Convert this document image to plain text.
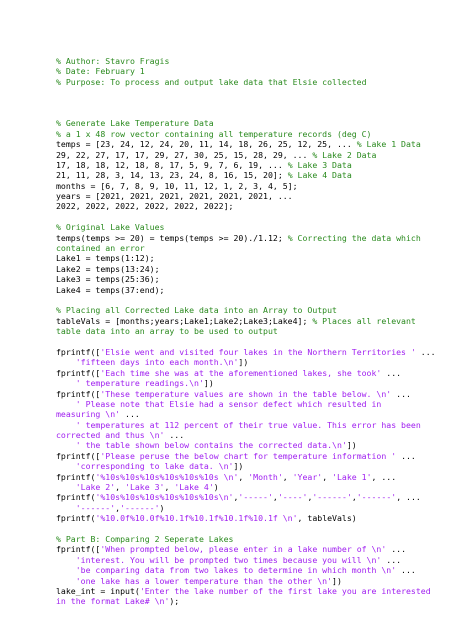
% Author: Stavro Fragis
% Date: February 1
% Purpose: To process and output lake data that Elsie collected
% Generate Lake Temperature Data
% a 1 x 48 row vector containing all temperature records (deg C)
temps = [23, 24, 12, 24, 20, 11, 14, 18, 26, 25, 12, 25, ... % Lake 1 Data
29, 22, 27, 17, 17, 29, 27, 30, 25, 15, 28, 29, ... % Lake 2 Data
17, 18, 18, 12, 18, 8, 17, 5, 9, 7, 6, 19, ... % Lake 3 Data
21, 11, 28, 3, 14, 13, 23, 24, 8, 16, 15, 20]; % Lake 4 Data
months = [6, 7, 8, 9, 10, 11, 12, 1, 2, 3, 4, 5];
years = [2021, 2021, 2021, 2021, 2021, 2021, ...
2022, 2022, 2022, 2022, 2022, 2022];
% Original Lake Values
temps(temps >= 20) = temps(temps >= 20)./1.12; % Correcting the data which
contained an error
Lake1 = temps(1:12);
Lake2 = temps(13:24);
Lake3 = temps(25:36);
Lake4 = temps(37:end);
% Placing all Corrected Lake data into an Array to Output
tableVals = [months;years;Lake1;Lake2;Lake3;Lake4]; % Places all relevant
table data into an array to be used to output
fprintf(['Elsie went and visited four lakes in the Northern Territories ' ...
'fifteen days into each month.\n'])
fprintf(['Each time she was at the aforementioned lakes, she took' ...
' temperature readings.\n'])
fprintf(['These temperature values are shown in the table below. \n' ...
' Please note that Elsie had a sensor defect which resulted in
measuring \n' ...
' temperatures at 112 percent of their true value. This error has been
corrected and thus \n' ...
' the table shown below contains the corrected data.\n'])
fprintf(['Please peruse the below chart for temperature information ' ...
'corresponding to lake data. \n'])
fprintf('%10s%10s%10s%10s%10s%10s \n', 'Month', 'Year', 'Lake 1', ...
'Lake 2', 'Lake 3', 'Lake 4')
fprintf('%10s%10s%10s%10s%10s%10s\n','-----','----','------','------', ...
'------','------')
fprintf('%10.0f%10.0f%10.1f%10.1f%10.1f%10.1f \n', tableVals)
% Part B: Comparing 2 Seperate Lakes
fprintf(['When prompted below, please enter in a lake number of \n' ...
'interest. You will be prompted two times because you will \n' ...
'be comparing data from two lakes to determine in which month \n' ...
'one lake has a lower temperature than the other \n'])
lake_int = input('Enter the lake number of the first lake you are interested
in the format Lake# \n');
